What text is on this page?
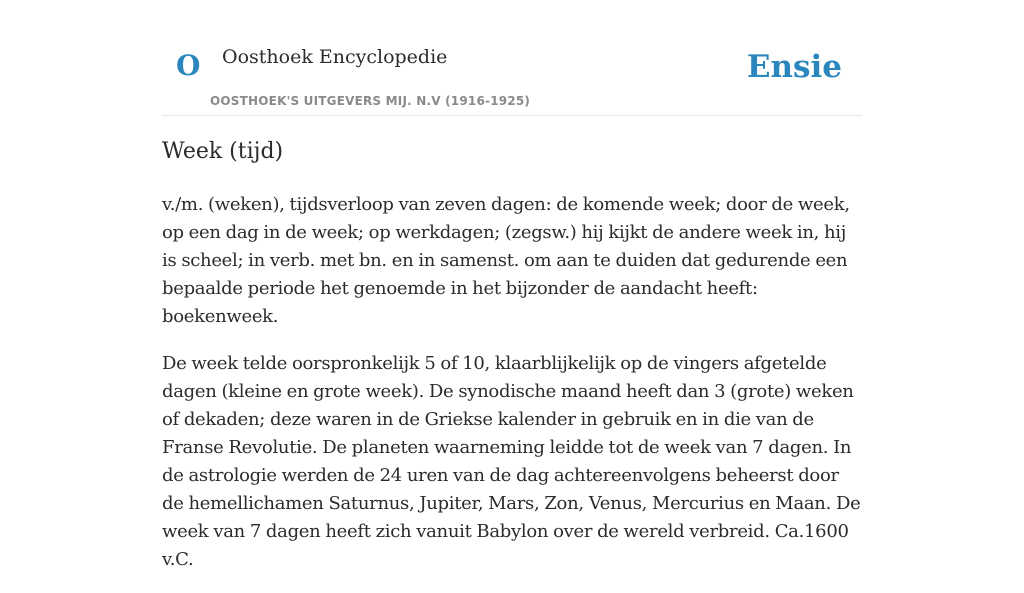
O Oosthoek Encyclopedie
OOSTHOEK'S UITGEVERS MIJ. N.V (1916-1925)
Ensie
Week (tijd)

v./m. (weken), tijdsverloop van zeven dagen: de komende week; door de week, op een dag in de week; op werkdagen; (zegsw.) hij kijkt de andere week in, hij is scheel; in verb. met bn. en in samenst. om aan te duiden dat gedurende een bepaalde periode het genoemde in het bijzonder de aandacht heeft: boekenweek.

De week telde oorspronkelijk 5 of 10, klaarblijkelijk op de vingers afgetelde dagen (kleine en grote week). De synodische maand heeft dan 3 (grote) weken of dekaden; deze waren in de Griekse kalender in gebruik en in die van de Franse Revolutie. De planeten waarneming leidde tot de week van 7 dagen. In de astrologie werden de 24 uren van de dag achtereenvolgens beheerst door de hemellichamen Saturnus, Jupiter, Mars, Zon, Venus, Mercurius en Maan. De week van 7 dagen heeft zich vanuit Babylon over de wereld verbreid. Ca.1600 v.C.
